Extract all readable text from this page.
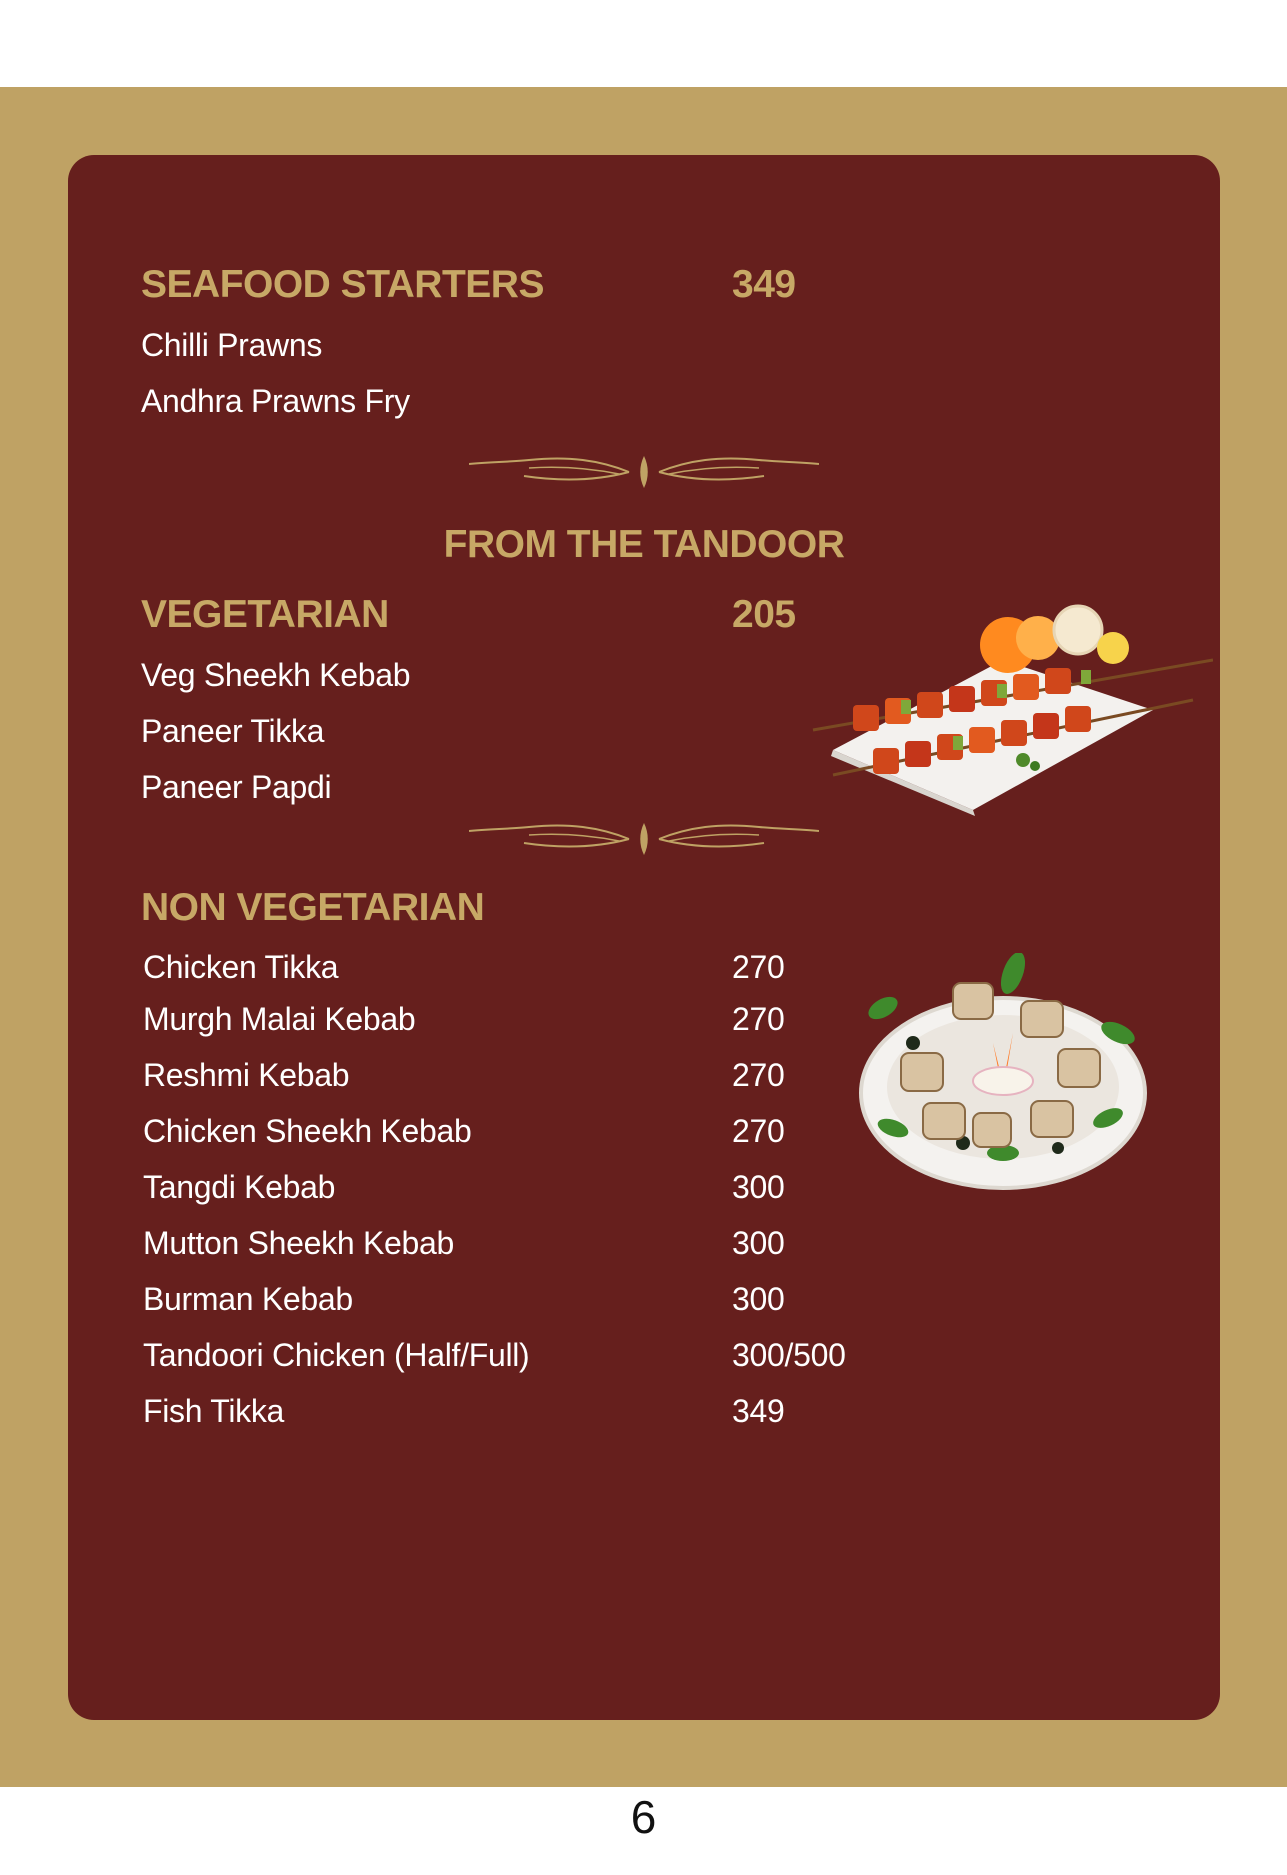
SEAFOOD STARTERS	349
Chilli Prawns
Andhra Prawns Fry
FROM THE TANDOOR
VEGETARIAN	205
Veg Sheekh Kebab
Paneer Tikka
Paneer Papdi
NON VEGETARIAN
Chicken Tikka	270
Murgh Malai Kebab	270
Reshmi Kebab	270
Chicken Sheekh Kebab	270
Tangdi Kebab	300
Mutton Sheekh Kebab	300
Burman Kebab	300
Tandoori Chicken (Half/Full)	300/500
Fish Tikka	349
6
